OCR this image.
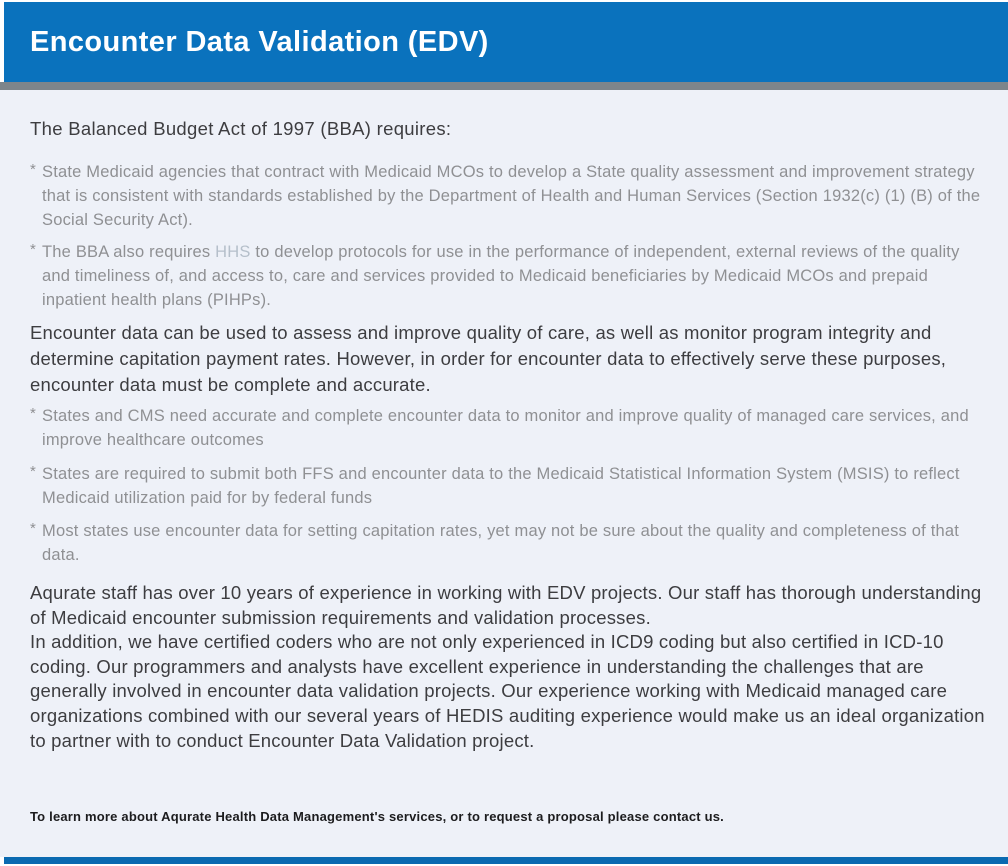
Encounter Data Validation (EDV)

The Balanced Budget Act of 1997 (BBA) requires:

* State Medicaid agencies that contract with Medicaid MCOs to develop a State quality assessment and improvement strategy that is consistent with standards established by the Department of Health and Human Services (Section 1932(c) (1) (B) of the Social Security Act).
* The BBA also requires HHS to develop protocols for use in the performance of independent, external reviews of the quality and timeliness of, and access to, care and services provided to Medicaid beneficiaries by Medicaid MCOs and prepaid inpatient health plans (PIHPs).

Encounter data can be used to assess and improve quality of care, as well as monitor program integrity and determine capitation payment rates. However, in order for encounter data to effectively serve these purposes, encounter data must be complete and accurate.

* States and CMS need accurate and complete encounter data to monitor and improve quality of managed care services, and improve healthcare outcomes
* States are required to submit both FFS and encounter data to the Medicaid Statistical Information System (MSIS) to reflect Medicaid utilization paid for by federal funds
* Most states use encounter data for setting capitation rates, yet may not be sure about the quality and completeness of that data.

Aqurate staff has over 10 years of experience in working with EDV projects. Our staff has thorough understanding of Medicaid encounter submission requirements and validation processes.
In addition, we have certified coders who are not only experienced in ICD9 coding but also certified in ICD-10 coding. Our programmers and analysts have excellent experience in understanding the challenges that are generally involved in encounter data validation projects. Our experience working with Medicaid managed care organizations combined with our several years of HEDIS auditing experience would make us an ideal organization to partner with to conduct Encounter Data Validation project.

To learn more about Aqurate Health Data Management's services, or to request a proposal please contact us.
